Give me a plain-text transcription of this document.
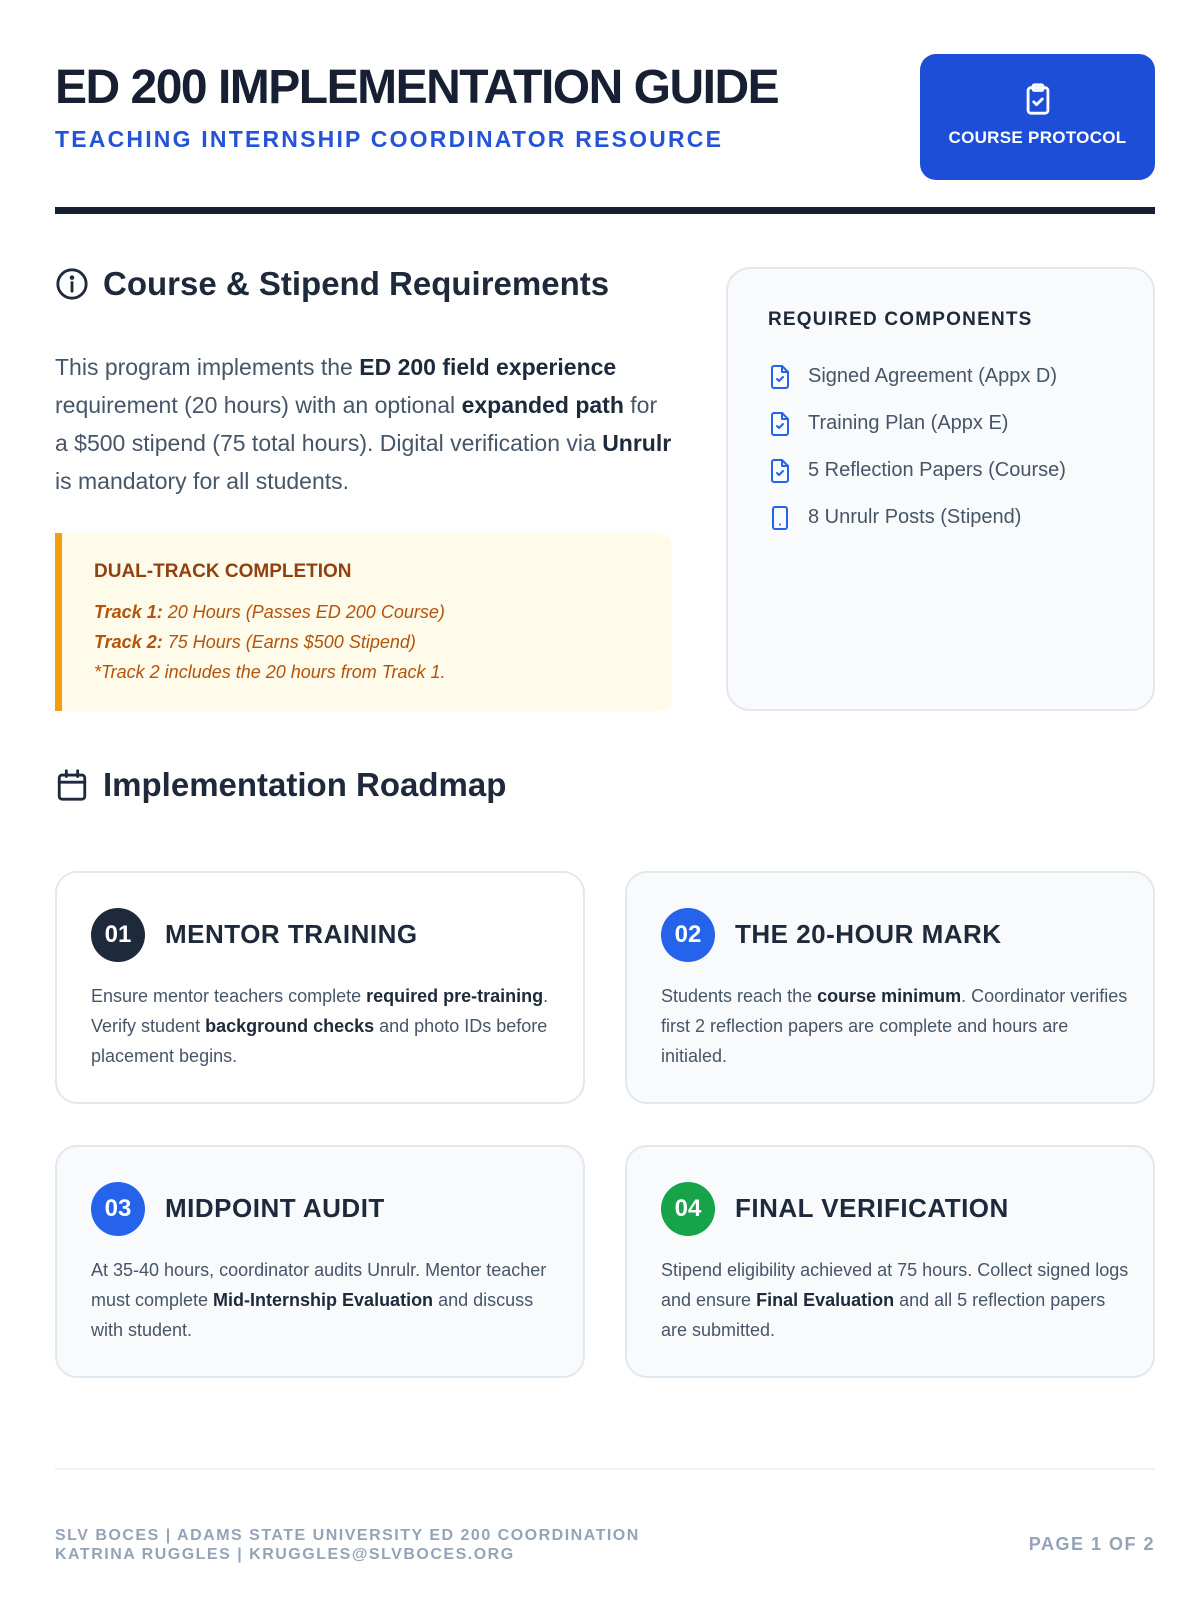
ED 200 IMPLEMENTATION GUIDE
TEACHING INTERNSHIP COORDINATOR RESOURCE	COURSE PROTOCOL
Course & Stipend Requirements

This program implements the ED 200 field experience requirement (20 hours) with an optional expanded path for a $500 stipend (75 total hours). Digital verification via Unrulr is mandatory for all students.

DUAL-TRACK COMPLETION
Track 1: 20 Hours (Passes ED 200 Course)
Track 2: 75 Hours (Earns $500 Stipend)
*Track 2 includes the 20 hours from Track 1.
REQUIRED COMPONENTS
Signed Agreement (Appx D)
Training Plan (Appx E)
5 Reflection Papers (Course)
8 Unrulr Posts (Stipend)
Implementation Roadmap
01	MENTOR TRAINING
Ensure mentor teachers complete required pre-training. Verify student background checks and photo IDs before placement begins.
02	THE 20-HOUR MARK
Students reach the course minimum. Coordinator verifies first 2 reflection papers are complete and hours are initialed.
03	MIDPOINT AUDIT
At 35-40 hours, coordinator audits Unrulr. Mentor teacher must complete Mid-Internship Evaluation and discuss with student.
04	FINAL VERIFICATION
Stipend eligibility achieved at 75 hours. Collect signed logs and ensure Final Evaluation and all 5 reflection papers are submitted.
SLV BOCES | ADAMS STATE UNIVERSITY ED 200 COORDINATION
KATRINA RUGGLES | KRUGGLES@SLVBOCES.ORG
PAGE 1 OF 2
